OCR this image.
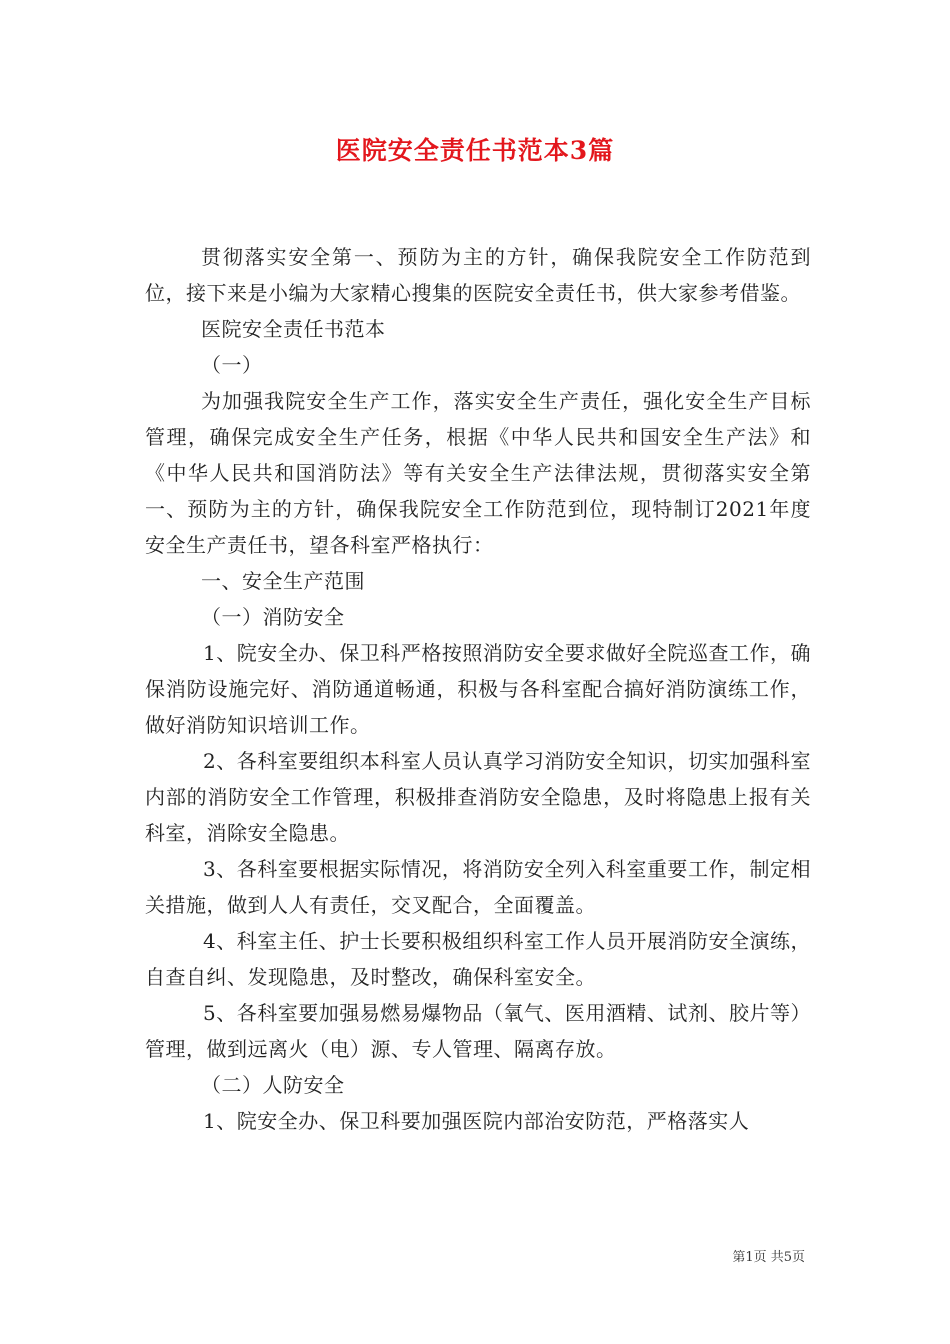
医院安全责任书范本3篇

贯彻落实安全第一、预防为主的方针，确保我院安全工作防范到位，接下来是小编为大家精心搜集的医院安全责任书，供大家参考借鉴。

医院安全责任书范本

（一）

为加强我院安全生产工作，落实安全生产责任，强化安全生产目标管理，确保完成安全生产任务，根据《中华人民共和国安全生产法》和《中华人民共和国消防法》等有关安全生产法律法规，贯彻落实安全第一、预防为主的方针，确保我院安全工作防范到位，现特制订2021年度安全生产责任书，望各科室严格执行：

一、安全生产范围

（一）消防安全

1、院安全办、保卫科严格按照消防安全要求做好全院巡查工作，确保消防设施完好、消防通道畅通，积极与各科室配合搞好消防演练工作，做好消防知识培训工作。

2、各科室要组织本科室人员认真学习消防安全知识，切实加强科室内部的消防安全工作管理，积极排查消防安全隐患，及时将隐患上报有关科室，消除安全隐患。

3、各科室要根据实际情况，将消防安全列入科室重要工作，制定相关措施，做到人人有责任，交叉配合，全面覆盖。

4、科室主任、护士长要积极组织科室工作人员开展消防安全演练，自查自纠、发现隐患，及时整改，确保科室安全。

5、各科室要加强易燃易爆物品（氧气、医用酒精、试剂、胶片等）管理，做到远离火（电）源、专人管理、隔离存放。

（二）人防安全

1、院安全办、保卫科要加强医院内部治安防范，严格落实人

第1页 共5页
